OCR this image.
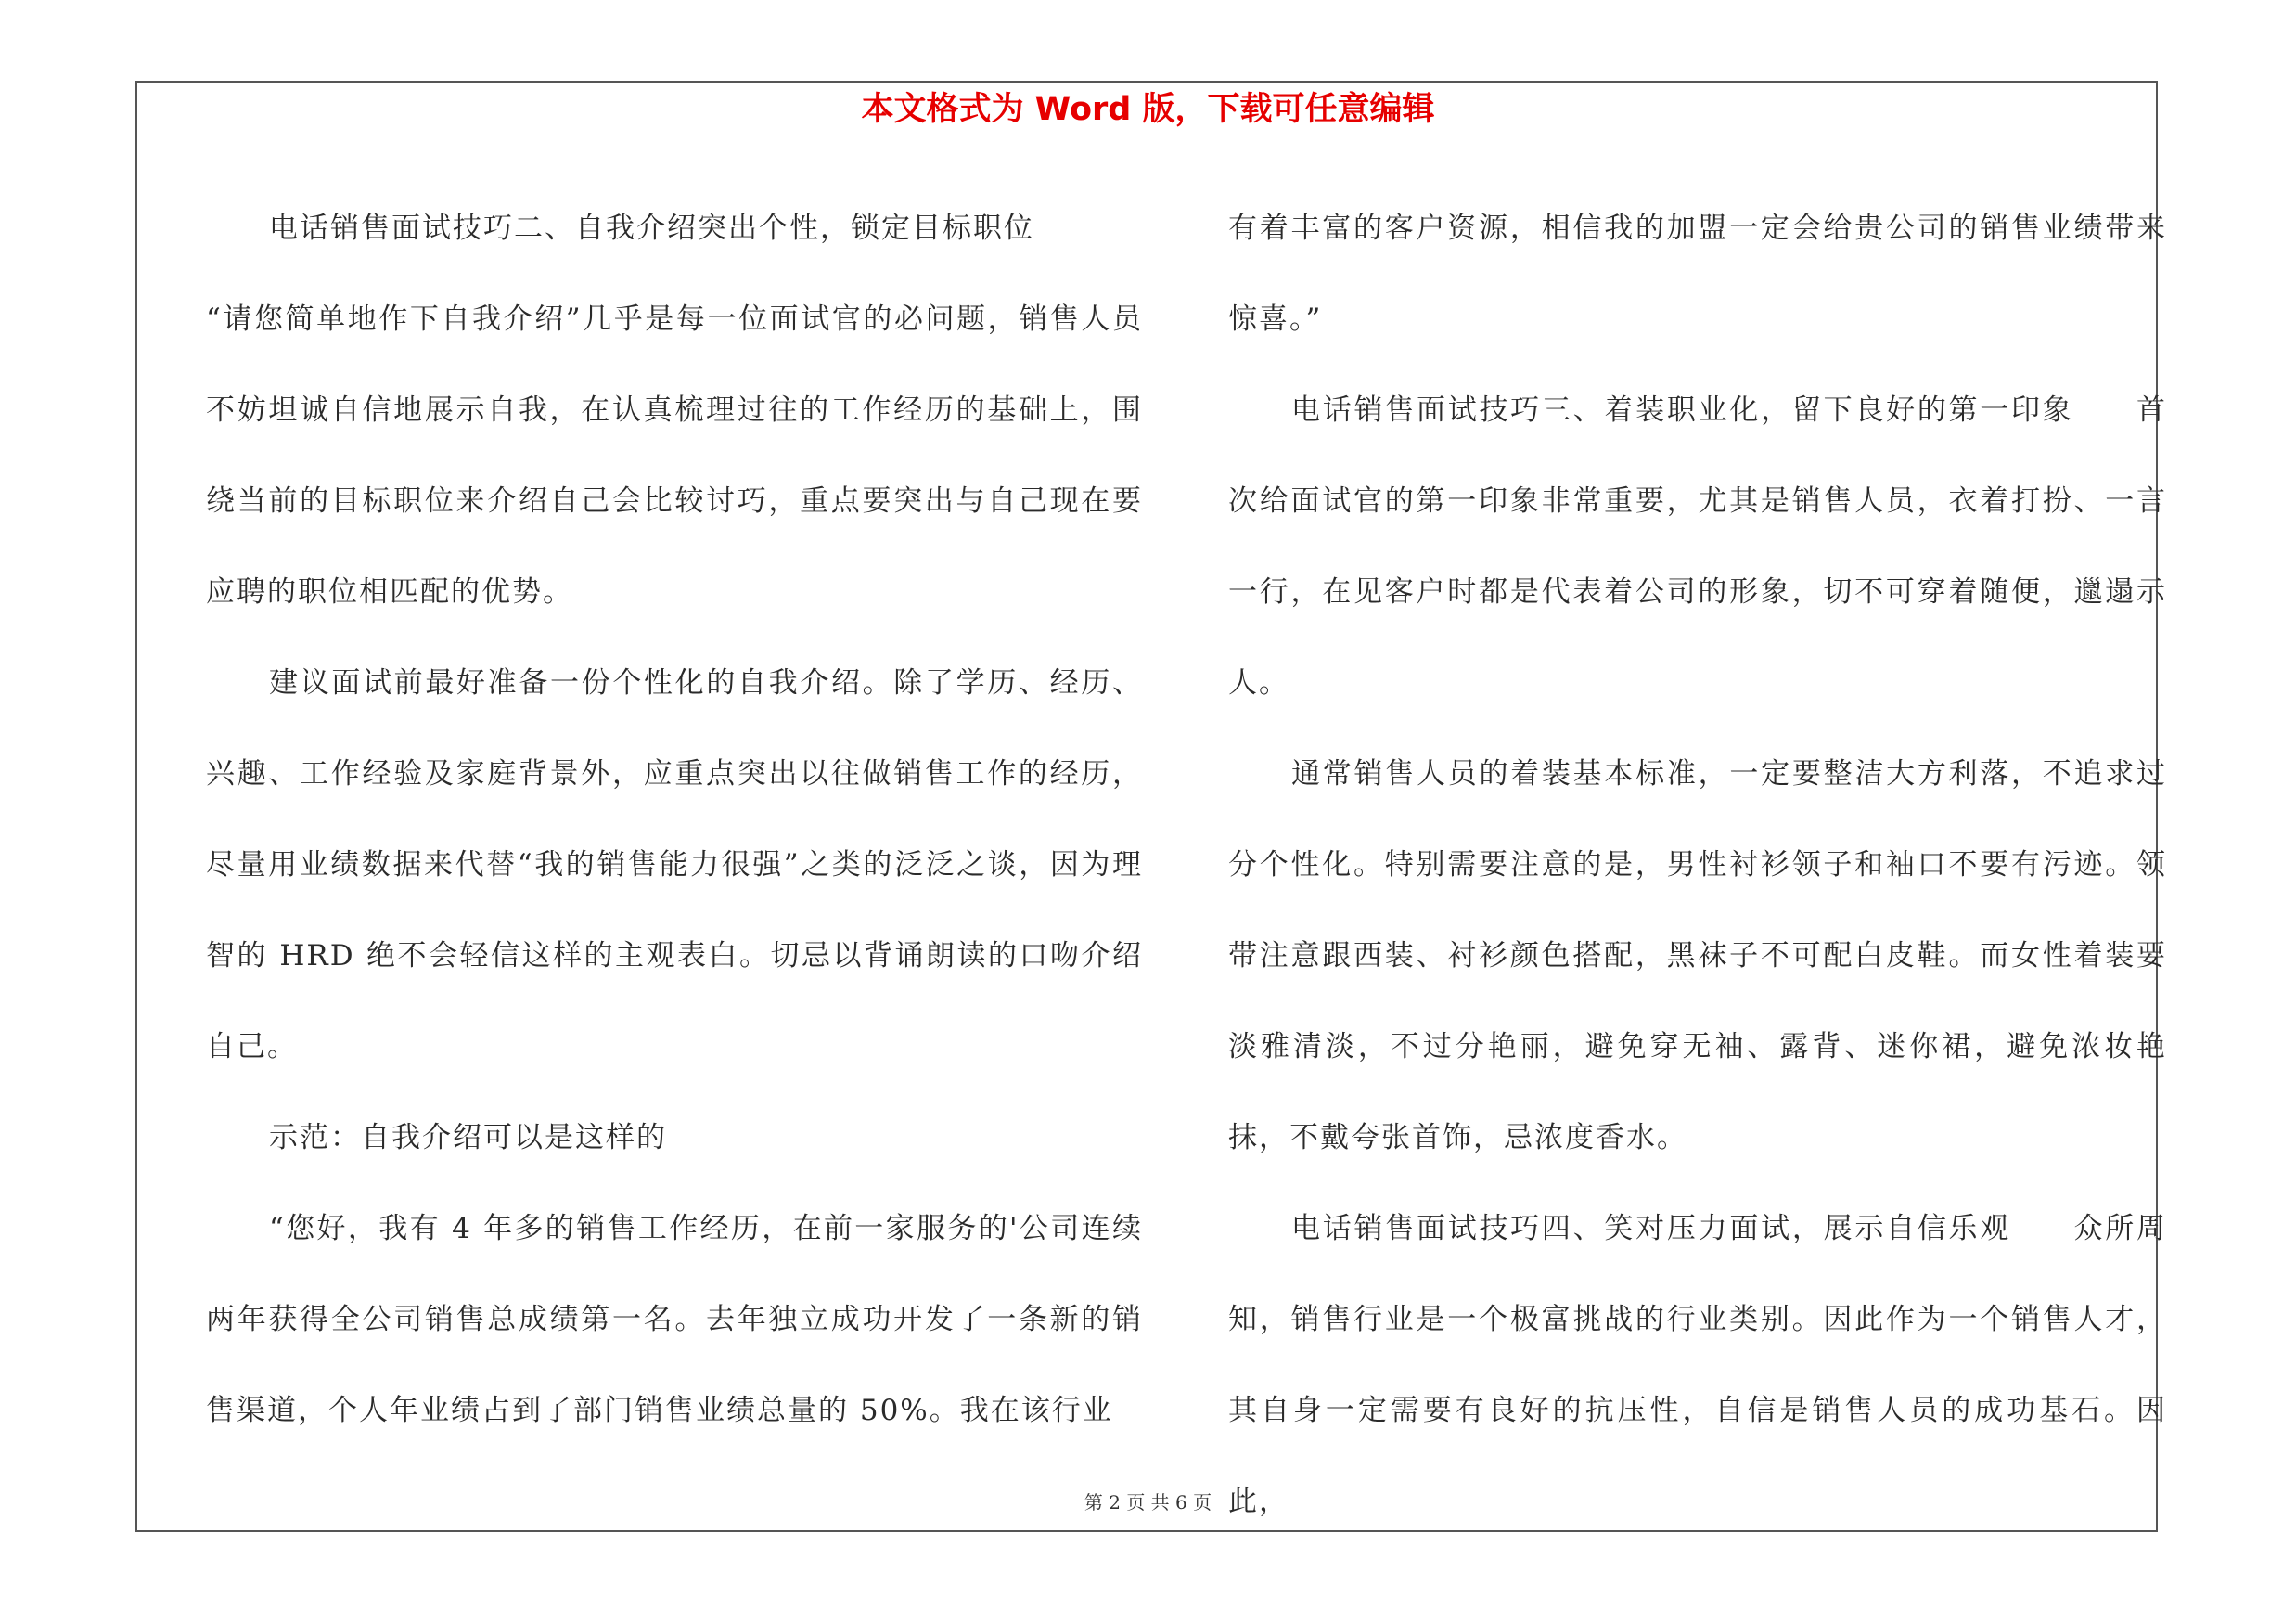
本文格式为 Word 版，下载可任意编辑

电话销售面试技巧二、自我介绍突出个性，锁定目标职位

“请您简单地作下自我介绍”几乎是每一位面试官的必问题，销售人员不妨坦诚自信地展示自我，在认真梳理过往的工作经历的基础上，围绕当前的目标职位来介绍自己会比较讨巧，重点要突出与自己现在要应聘的职位相匹配的优势。

建议面试前最好准备一份个性化的自我介绍。除了学历、经历、兴趣、工作经验及家庭背景外，应重点突出以往做销售工作的经历，尽量用业绩数据来代替“我的销售能力很强”之类的泛泛之谈，因为理智的 HRD 绝不会轻信这样的主观表白。切忌以背诵朗读的口吻介绍自己。

示范：自我介绍可以是这样的

“您好，我有 4 年多的销售工作经历，在前一家服务的'公司连续两年获得全公司销售总成绩第一名。去年独立成功开发了一条新的销售渠道，个人年业绩占到了部门销售业绩总量的 50%。我在该行业

有着丰富的客户资源，相信我的加盟一定会给贵公司的销售业绩带来惊喜。”

电话销售面试技巧三、着装职业化，留下良好的第一印象　　首次给面试官的第一印象非常重要，尤其是销售人员，衣着打扮、一言一行，在见客户时都是代表着公司的形象，切不可穿着随便，邋遢示人。

通常销售人员的着装基本标准，一定要整洁大方利落，不追求过分个性化。特别需要注意的是，男性衬衫领子和袖口不要有污迹。领带注意跟西装、衬衫颜色搭配，黑袜子不可配白皮鞋。而女性着装要淡雅清淡，不过分艳丽，避免穿无袖、露背、迷你裙，避免浓妆艳抹，不戴夸张首饰，忌浓度香水。

电话销售面试技巧四、笑对压力面试，展示自信乐观　　众所周知，销售行业是一个极富挑战的行业类别。因此作为一个销售人才，其自身一定需要有良好的抗压性，自信是销售人员的成功基石。因此，

第 2 页 共 6 页
